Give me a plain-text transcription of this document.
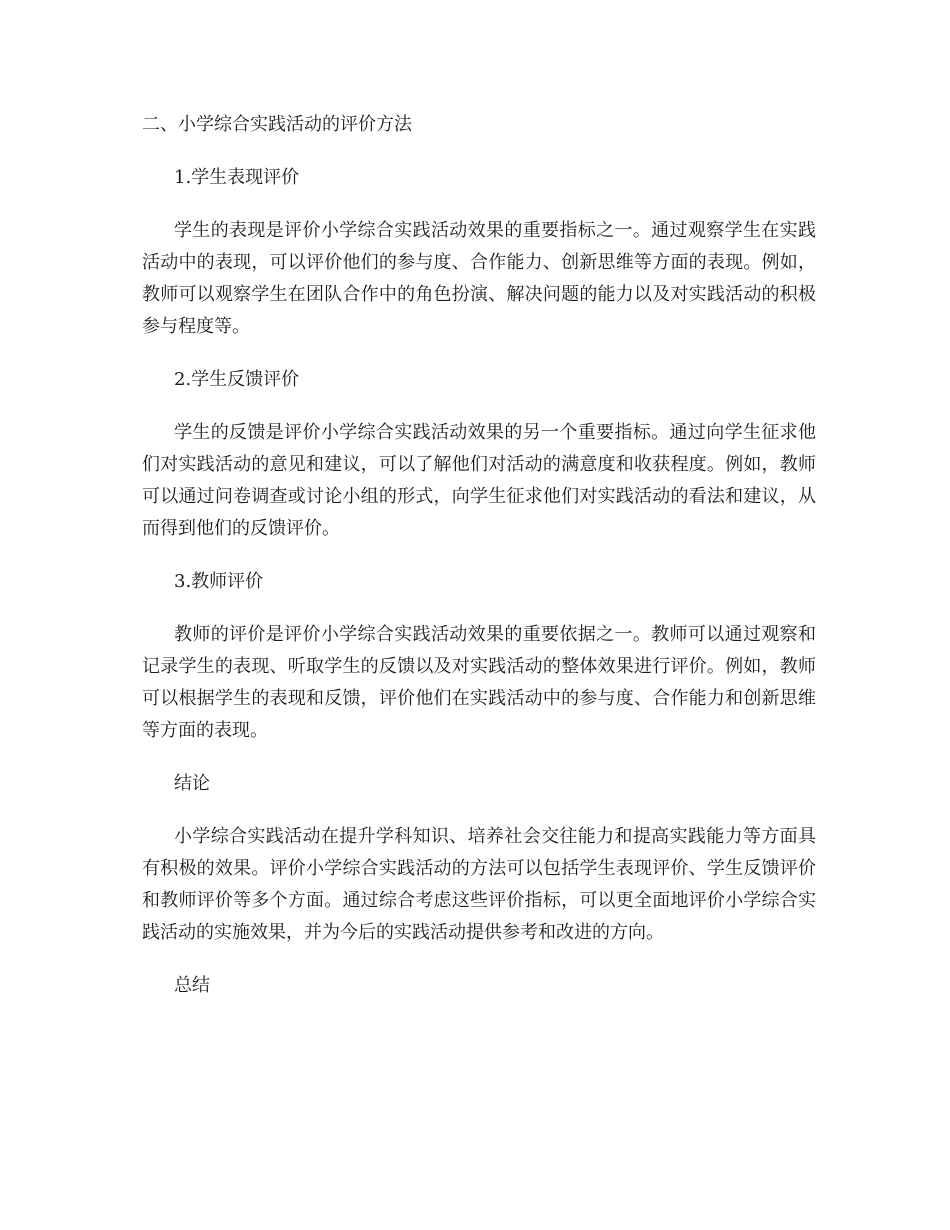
二、小学综合实践活动的评价方法
1.学生表现评价

学生的表现是评价小学综合实践活动效果的重要指标之一。通过观察学生在实践活动中的表现，可以评价他们的参与度、合作能力、创新思维等方面的表现。例如，教师可以观察学生在团队合作中的角色扮演、解决问题的能力以及对实践活动的积极参与程度等。

2.学生反馈评价

学生的反馈是评价小学综合实践活动效果的另一个重要指标。通过向学生征求他们对实践活动的意见和建议，可以了解他们对活动的满意度和收获程度。例如，教师可以通过问卷调查或讨论小组的形式，向学生征求他们对实践活动的看法和建议，从而得到他们的反馈评价。

3.教师评价

教师的评价是评价小学综合实践活动效果的重要依据之一。教师可以通过观察和记录学生的表现、听取学生的反馈以及对实践活动的整体效果进行评价。例如，教师可以根据学生的表现和反馈，评价他们在实践活动中的参与度、合作能力和创新思维等方面的表现。

结论

小学综合实践活动在提升学科知识、培养社会交往能力和提高实践能力等方面具有积极的效果。评价小学综合实践活动的方法可以包括学生表现评价、学生反馈评价和教师评价等多个方面。通过综合考虑这些评价指标，可以更全面地评价小学综合实践活动的实施效果，并为今后的实践活动提供参考和改进的方向。

总结
